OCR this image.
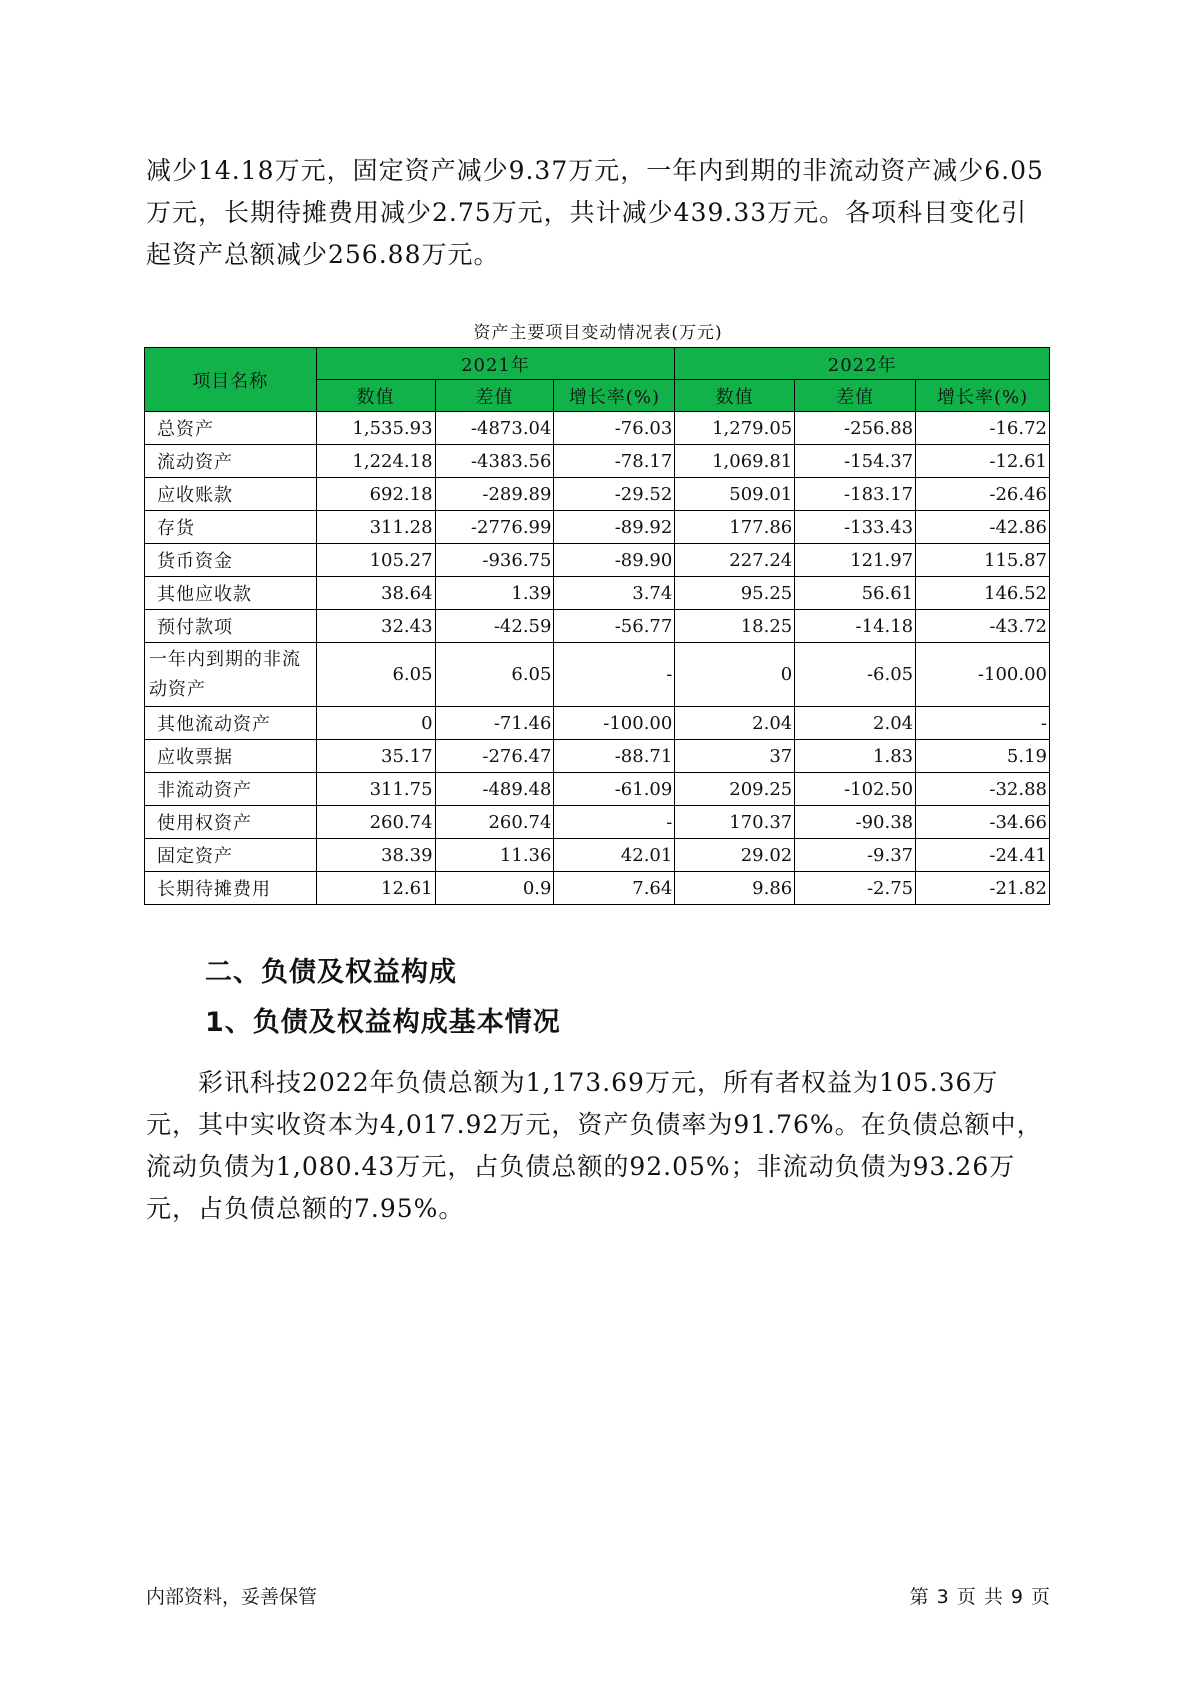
减少14.18万元，固定资产减少9.37万元，一年内到期的非流动资产减少6.05万元，长期待摊费用减少2.75万元，共计减少439.33万元。各项科目变化引起资产总额减少256.88万元。

资产主要项目变动情况表(万元)
项目名称	2021年			2022年		
	数值	差值	增长率(%)	数值	差值	增长率(%)
总资产	1,535.93	-4873.04	-76.03	1,279.05	-256.88	-16.72
流动资产	1,224.18	-4383.56	-78.17	1,069.81	-154.37	-12.61
应收账款	692.18	-289.89	-29.52	509.01	-183.17	-26.46
存货	311.28	-2776.99	-89.92	177.86	-133.43	-42.86
货币资金	105.27	-936.75	-89.90	227.24	121.97	115.87
其他应收款	38.64	1.39	3.74	95.25	56.61	146.52
预付款项	32.43	-42.59	-56.77	18.25	-14.18	-43.72
一年内到期的非流动资产	6.05	6.05	-	0	-6.05	-100.00
其他流动资产	0	-71.46	-100.00	2.04	2.04	-
应收票据	35.17	-276.47	-88.71	37	1.83	5.19
非流动资产	311.75	-489.48	-61.09	209.25	-102.50	-32.88
使用权资产	260.74	260.74	-	170.37	-90.38	-34.66
固定资产	38.39	11.36	42.01	29.02	-9.37	-24.41
长期待摊费用	12.61	0.9	7.64	9.86	-2.75	-21.82
二、负债及权益构成
1、负债及权益构成基本情况

彩讯科技2022年负债总额为1,173.69万元，所有者权益为105.36万元，其中实收资本为4,017.92万元，资产负债率为91.76%。在负债总额中，流动负债为1,080.43万元，占负债总额的92.05%；非流动负债为93.26万元，占负债总额的7.95%。

内部资料，妥善保管	第 3 页 共 9 页
